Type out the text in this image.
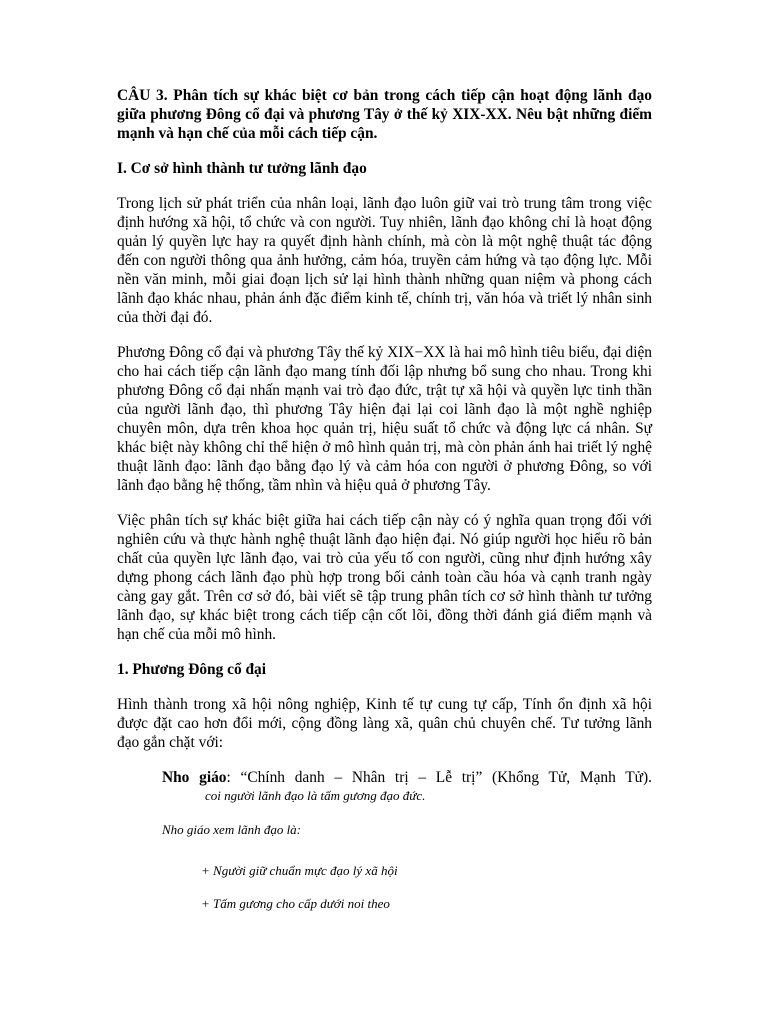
CÂU 3. Phân tích sự khác biệt cơ bản trong cách tiếp cận hoạt động lãnh đạo giữa phương Đông cổ đại và phương Tây ở thế kỷ XIX-XX. Nêu bật những điểm mạnh và hạn chế của mỗi cách tiếp cận.
I. Cơ sở hình thành tư tưởng lãnh đạo
Trong lịch sử phát triển của nhân loại, lãnh đạo luôn giữ vai trò trung tâm trong việc định hướng xã hội, tổ chức và con người. Tuy nhiên, lãnh đạo không chỉ là hoạt động quản lý quyền lực hay ra quyết định hành chính, mà còn là một nghệ thuật tác động đến con người thông qua ảnh hưởng, cảm hóa, truyền cảm hứng và tạo động lực. Mỗi nền văn minh, mỗi giai đoạn lịch sử lại hình thành những quan niệm và phong cách lãnh đạo khác nhau, phản ánh đặc điểm kinh tế, chính trị, văn hóa và triết lý nhân sinh của thời đại đó.
Phương Đông cổ đại và phương Tây thế kỷ XIX−XX là hai mô hình tiêu biểu, đại diện cho hai cách tiếp cận lãnh đạo mang tính đối lập nhưng bổ sung cho nhau. Trong khi phương Đông cổ đại nhấn mạnh vai trò đạo đức, trật tự xã hội và quyền lực tinh thần của người lãnh đạo, thì phương Tây hiện đại lại coi lãnh đạo là một nghề nghiệp chuyên môn, dựa trên khoa học quản trị, hiệu suất tổ chức và động lực cá nhân. Sự khác biệt này không chỉ thể hiện ở mô hình quản trị, mà còn phản ánh hai triết lý nghệ thuật lãnh đạo: lãnh đạo bằng đạo lý và cảm hóa con người ở phương Đông, so với lãnh đạo bằng hệ thống, tầm nhìn và hiệu quả ở phương Tây.
Việc phân tích sự khác biệt giữa hai cách tiếp cận này có ý nghĩa quan trọng đối với nghiên cứu và thực hành nghệ thuật lãnh đạo hiện đại. Nó giúp người học hiểu rõ bản chất của quyền lực lãnh đạo, vai trò của yếu tố con người, cũng như định hướng xây dựng phong cách lãnh đạo phù hợp trong bối cảnh toàn cầu hóa và cạnh tranh ngày càng gay gắt. Trên cơ sở đó, bài viết sẽ tập trung phân tích cơ sở hình thành tư tưởng lãnh đạo, sự khác biệt trong cách tiếp cận cốt lõi, đồng thời đánh giá điểm mạnh và hạn chế của mỗi mô hình.
1. Phương Đông cổ đại
Hình thành trong xã hội nông nghiệp, Kinh tế tự cung tự cấp, Tính ổn định xã hội được đặt cao hơn đổi mới, cộng đồng làng xã, quân chủ chuyên chế. Tư tưởng lãnh đạo gắn chặt với:
Nho giáo: “Chính danh – Nhân trị – Lễ trị” (Khổng Tử, Mạnh Tử).
coi người lãnh đạo là tấm gương đạo đức.
Nho giáo xem lãnh đạo là:
+ Người giữ chuẩn mực đạo lý xã hội
+ Tấm gương cho cấp dưới noi theo
